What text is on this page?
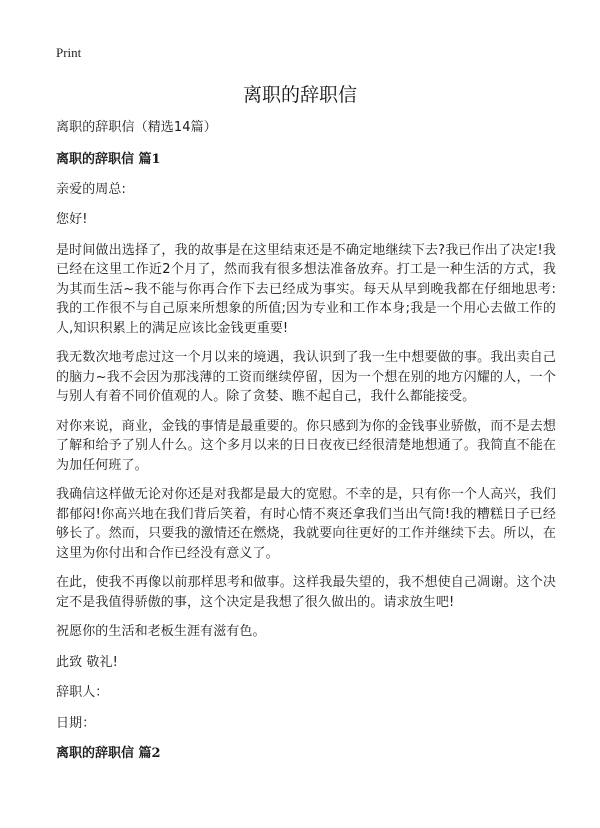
Print
离职的辞职信

离职的辞职信（精选14篇）

离职的辞职信 篇1

亲爱的周总:

您好!

是时间做出选择了，我的故事是在这里结束还是不确定地继续下去?我已作出了决定!我已经在这里工作近2个月了，然而我有很多想法准备放弃。打工是一种生活的方式，我为其而生活~我不能与你再合作下去已经成为事实。每天从早到晚我都在仔细地思考:我的工作很不与自己原来所想象的所值;因为专业和工作本身;我是一个用心去做工作的人,知识积累上的满足应该比金钱更重要!

我无数次地考虑过这一个月以来的境遇，我认识到了我一生中想要做的事。我出卖自己的脑力~我不会因为那浅薄的工资而继续停留，因为一个想在别的地方闪耀的人，一个与别人有着不同价值观的人。除了贪婪、瞧不起自己，我什么都能接受。

对你来说，商业，金钱的事情是最重要的。你只感到为你的金钱事业骄傲，而不是去想了解和给予了别人什么。这个多月以来的日日夜夜已经很清楚地想通了。我简直不能在为加任何班了。

我确信这样做无论对你还是对我都是最大的宽慰。不幸的是，只有你一个人高兴，我们都郁闷!你高兴地在我们背后笑着，有时心情不爽还拿我们当出气筒!我的糟糕日子已经够长了。然而，只要我的激情还在燃烧，我就要向往更好的工作并继续下去。所以，在这里为你付出和合作已经没有意义了。

在此，使我不再像以前那样思考和做事。这样我最失望的，我不想使自己凋谢。这个决定不是我值得骄傲的事，这个决定是我想了很久做出的。请求放生吧!

祝愿你的生活和老板生涯有滋有色。

此致 敬礼!

辞职人：

日期：

离职的辞职信 篇2
